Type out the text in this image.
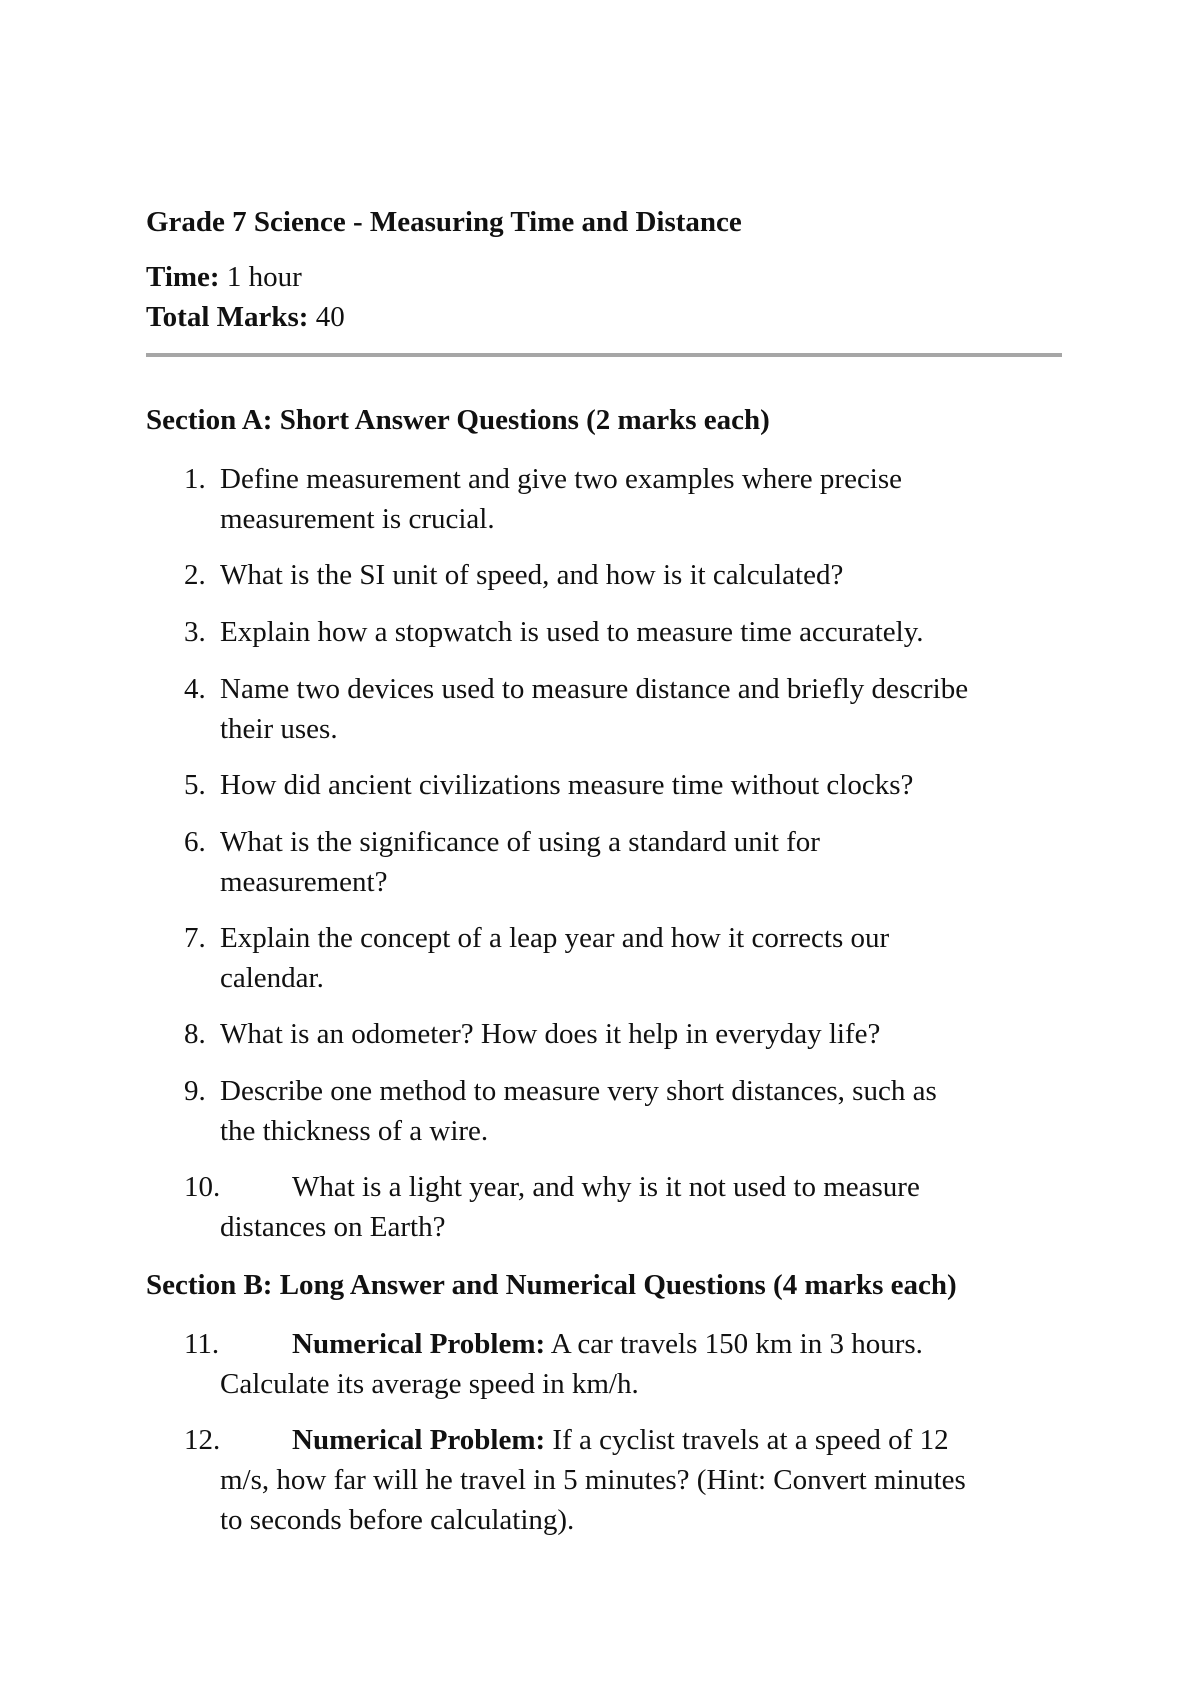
Grade 7 Science - Measuring Time and Distance
Time: 1 hour
Total Marks: 40
Section A: Short Answer Questions (2 marks each)
1. Define measurement and give two examples where precise
measurement is crucial.
2. What is the SI unit of speed, and how is it calculated?
3. Explain how a stopwatch is used to measure time accurately.
4. Name two devices used to measure distance and briefly describe
their uses.
5. How did ancient civilizations measure time without clocks?
6. What is the significance of using a standard unit for
measurement?
7. Explain the concept of a leap year and how it corrects our
calendar.
8. What is an odometer? How does it help in everyday life?
9. Describe one method to measure very short distances, such as
the thickness of a wire.
10.	What is a light year, and why is it not used to measure
distances on Earth?
Section B: Long Answer and Numerical Questions (4 marks each)
11.	Numerical Problem: A car travels 150 km in 3 hours.
Calculate its average speed in km/h.
12.	Numerical Problem: If a cyclist travels at a speed of 12
m/s, how far will he travel in 5 minutes? (Hint: Convert minutes
to seconds before calculating).
